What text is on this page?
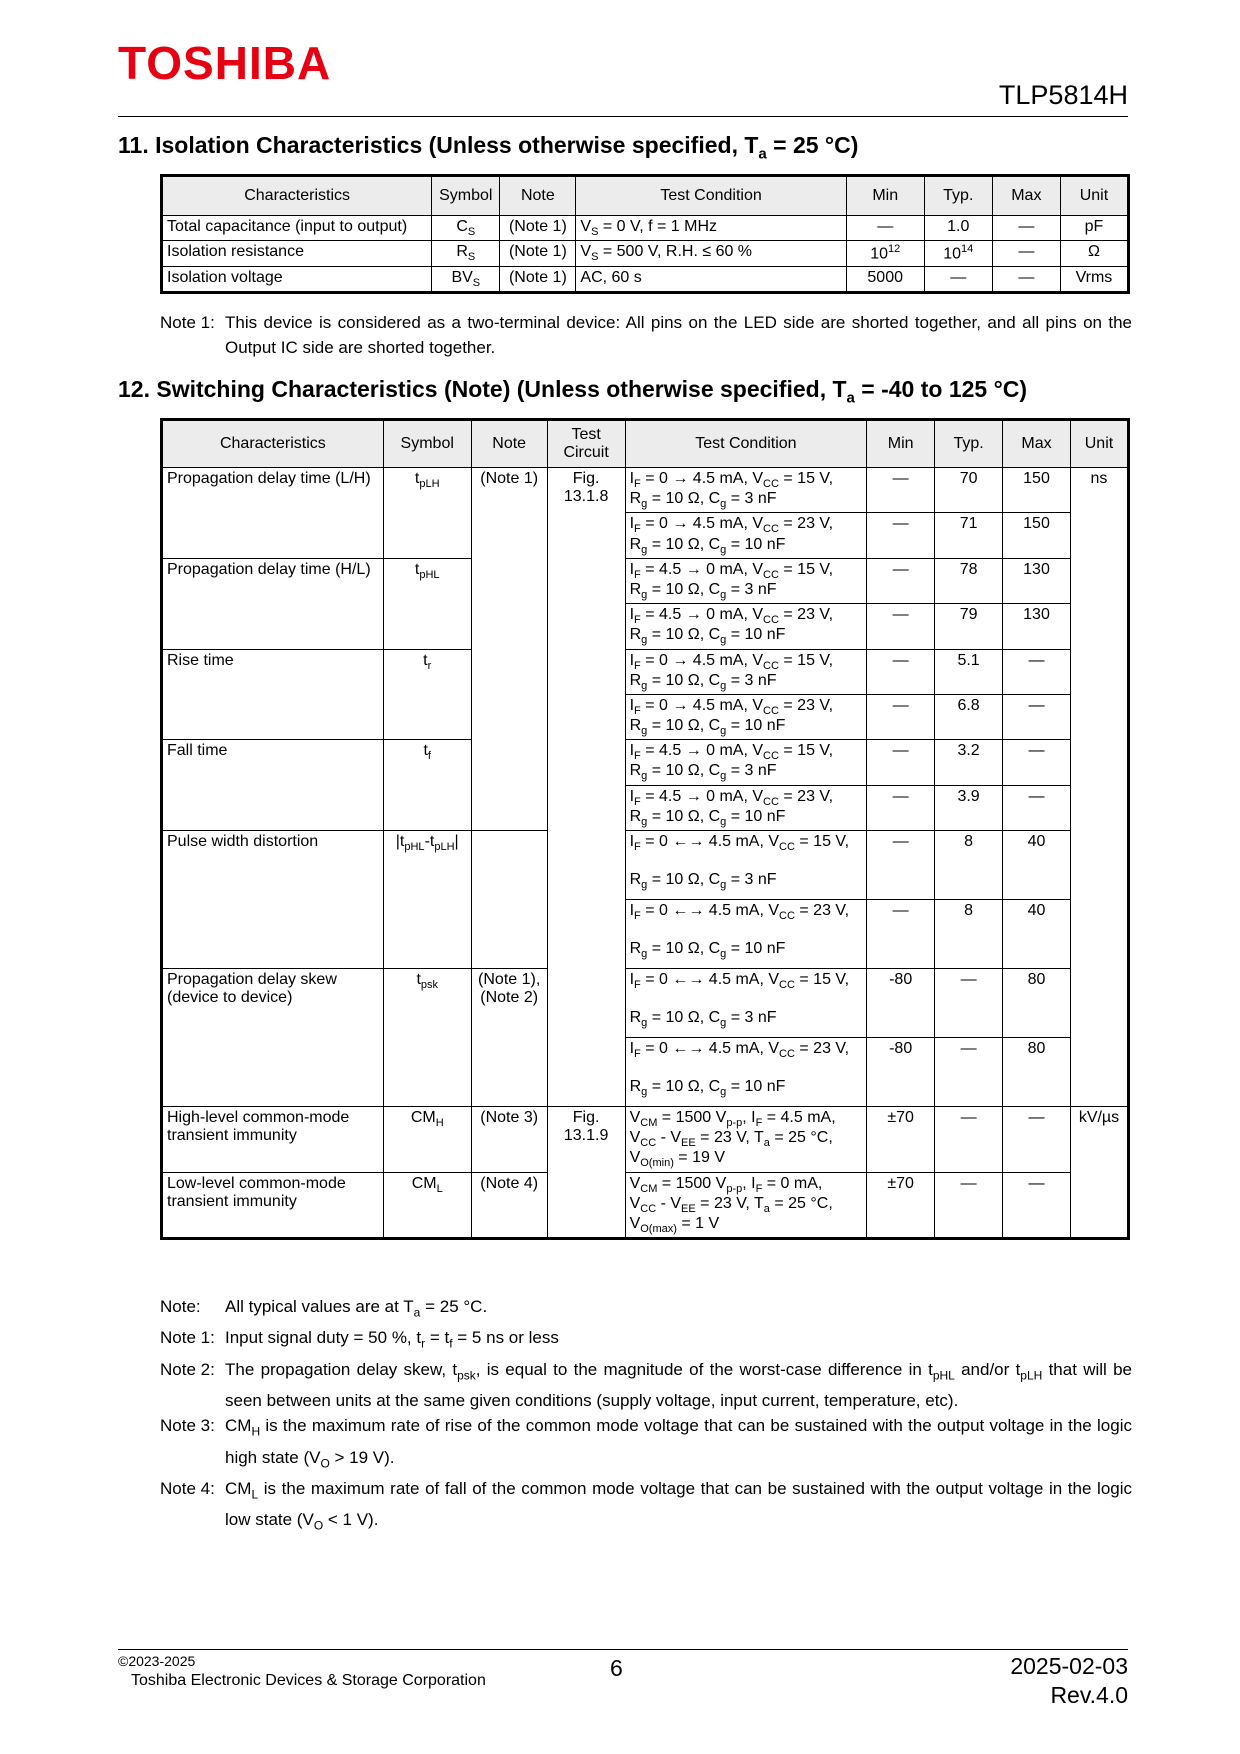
TOSHIBA
TLP5814H
11. Isolation Characteristics (Unless otherwise specified, $T_a = 25$ °C)
Characteristics	Symbol	Note	Test Condition	Min	Typ.	Max	Unit
Total capacitance (input to output)	$C_S$	(Note 1)	$V_S = 0$ V, f = 1 MHz	—	1.0	—	pF
Isolation resistance	$R_S$	(Note 1)	$V_S = 500$ V, R.H. ≤ 60 %	$10^{12}$	$10^{14}$	—	Ω
Isolation voltage	$BV_S$	(Note 1)	AC, 60 s	5000	—	—	Vrms
Note 1: This device is considered as a two-terminal device: All pins on the LED side are shorted together, and all pins on the Output IC side are shorted together.
12. Switching Characteristics (Note) (Unless otherwise specified, $T_a = -40$ to 125 °C)
Characteristics	Symbol	Note	Test Circuit	Test Condition	Min	Typ.	Max	Unit
Propagation delay time (L/H)	$t_{pLH}$	(Note 1)	Fig. 13.1.8	$I_F = 0 \to 4.5$ mA, $V_{CC} = 15$ V,
$R_g = 10$ Ω, $C_g = 3$ nF	—	70	150	ns
				$I_F = 0 \to 4.5$ mA, $V_{CC} = 23$ V,
$R_g = 10$ Ω, $C_g = 10$ nF	—	71	150	
Propagation delay time (H/L)	$t_{pHL}$			$I_F = 4.5 \to 0$ mA, $V_{CC} = 15$ V,
$R_g = 10$ Ω, $C_g = 3$ nF	—	78	130	
				$I_F = 4.5 \to 0$ mA, $V_{CC} = 23$ V,
$R_g = 10$ Ω, $C_g = 10$ nF	—	79	130	
Rise time	$t_r$			$I_F = 0 \to 4.5$ mA, $V_{CC} = 15$ V,
$R_g = 10$ Ω, $C_g = 3$ nF	—	5.1	—	
				$I_F = 0 \to 4.5$ mA, $V_{CC} = 23$ V,
$R_g = 10$ Ω, $C_g = 10$ nF	—	6.8	—	
Fall time	$t_f$			$I_F = 4.5 \to 0$ mA, $V_{CC} = 15$ V,
$R_g = 10$ Ω, $C_g = 3$ nF	—	3.2	—	
				$I_F = 4.5 \to 0$ mA, $V_{CC} = 23$ V,
$R_g = 10$ Ω, $C_g = 10$ nF	—	3.9	—	
Pulse width distortion	$|t_{pHL}-t_{pLH}|$			$I_F = 0$ ←→ 4.5 mA, $V_{CC} = 15$ V,

$R_g = 10$ Ω, $C_g = 3$ nF	—	8	40	
				$I_F = 0$ ←→ 4.5 mA, $V_{CC} = 23$ V,

$R_g = 10$ Ω, $C_g = 10$ nF	—	8	40	
Propagation delay skew (device to device)	$t_{psk}$	(Note 1), (Note 2)		$I_F = 0$ ←→ 4.5 mA, $V_{CC} = 15$ V,

$R_g = 10$ Ω, $C_g = 3$ nF	-80	—	80	
				$I_F = 0$ ←→ 4.5 mA, $V_{CC} = 23$ V,

$R_g = 10$ Ω, $C_g = 10$ nF	-80	—	80	
High-level common-mode transient immunity	$CM_H$	(Note 3)	Fig. 13.1.9	$V_{CM} = 1500$ $V_{p-p}$, $I_F = 4.5$ mA,
$V_{CC} - V_{EE} = 23$ V, $T_a = 25$ °C,
$V_{O(min)} = 19$ V	±70	—	—	kV/µs
Low-level common-mode transient immunity	$CM_L$	(Note 4)		$V_{CM} = 1500$ $V_{p-p}$, $I_F = 0$ mA,
$V_{CC} - V_{EE} = 23$ V, $T_a = 25$ °C,
$V_{O(max)} = 1$ V	±70	—	—	
Note:	All typical values are at $T_a = 25$ °C.
Note 1: Input signal duty = 50 %, $t_r = t_f = 5$ ns or less
Note 2: The propagation delay skew, $t_{psk}$, is equal to the magnitude of the worst-case difference in $t_{pHL}$ and/or $t_{pLH}$ that will be seen between units at the same given conditions (supply voltage, input current, temperature, etc).
Note 3: $CM_H$ is the maximum rate of rise of the common mode voltage that can be sustained with the output voltage in the logic high state ($V_O > 19$ V).
Note 4: $CM_L$ is the maximum rate of fall of the common mode voltage that can be sustained with the output voltage in the logic low state ($V_O < 1$ V).
©2023-2025
Toshiba Electronic Devices & Storage Corporation	6	2025-02-03
Rev.4.0
